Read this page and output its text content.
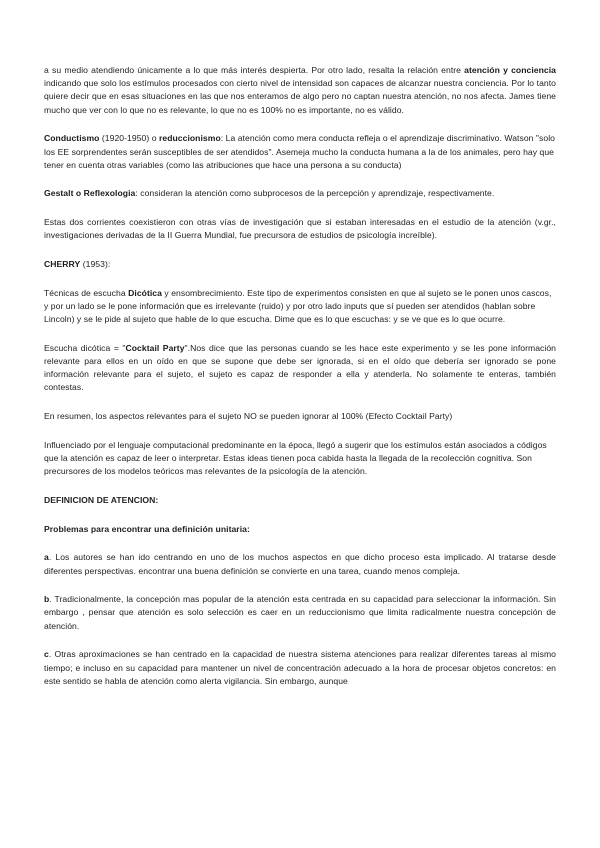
a su medio atendiendo únicamente a lo que más interés despierta. Por otro lado, resalta la relación entre atención y conciencia indicando que solo los estímulos procesados con cierto nivel de intensidad son capaces de alcanzar nuestra conciencia. Por lo tanto quiere decir que en esas situaciones en las que nos enteramos de algo pero no captan nuestra atención, no nos afecta. James tiene mucho que ver con lo que no es relevante, lo que no es 100% no es importante, no es válido.

Conductismo (1920-1950) o reduccionismo: La atención como mera conducta refleja o el aprendizaje discriminativo. Watson "solo los EE sorprendentes serán susceptibles de ser atendidos". Asemeja mucho la conducta humana a la de los animales, pero hay que tener en cuenta otras variables (como las atribuciones que hace una persona a su conducta)

Gestalt o Reflexologia: consideran la atención como subprocesos de la percepción y aprendizaje, respectivamente.

Estas dos corrientes coexistieron con otras vías de investigación que si estaban interesadas en el estudio de la atención (v.gr., investigaciones derivadas de la II Guerra Mundial, fue precursora de estudios de psicología increíble).

CHERRY (1953):

Técnicas de escucha Dicótica y ensombrecimiento. Este tipo de experimentos consisten en que al sujeto se le ponen unos cascos, y por un lado se le pone información que es irrelevante (ruido) y por otro lado inputs que sí pueden ser atendidos (hablan sobre Lincoln) y se le pide al sujeto que hable de lo que escucha. Dime que es lo que escuchas: y se ve que es lo que ocurre.

Escucha dicótica = "Cocktail Party".Nos dice que las personas cuando se les hace este experimento y se les pone información relevante para ellos en un oído en que se supone que debe ser ignorada, si en el oído que debería ser ignorado se pone información relevante para el sujeto, el sujeto es capaz de responder a ella y atenderla. No solamente te enteras, también contestas.

En resumen, los aspectos relevantes para el sujeto NO se pueden ignorar al 100% (Efecto Cocktail Party)

Influenciado por el lenguaje computacional predominante en la época, llegó a sugerir que los estímulos están asociados a códigos que la atención es capaz de leer o interpretar. Estas ideas tienen poca cabida hasta la llegada de la recolección cognitiva. Son precursores de los modelos teóricos mas relevantes de la psicología de la atención.

DEFINICION DE ATENCION:

Problemas para encontrar una definición unitaria:

a. Los autores se han ido centrando en uno de los muchos aspectos en que dicho proceso esta implicado. Al tratarse desde diferentes perspectivas. encontrar una buena definición se convierte en una tarea, cuando menos compleja.

b. Tradicionalmente, la concepción mas popular de la atención esta centrada en su capacidad para seleccionar la información. Sin embargo , pensar que atención es solo selección es caer en un reduccionismo que limita radicalmente nuestra concepción de atención.

c. Otras aproximaciones se han centrado en la capacidad de nuestra sistema atenciones para realizar diferentes tareas al mismo tiempo; e incluso en su capacidad para mantener un nivel de concentración adecuado a la hora de procesar objetos concretos: en este sentido se habla de atención como alerta vigilancia. Sin embargo, aunque
